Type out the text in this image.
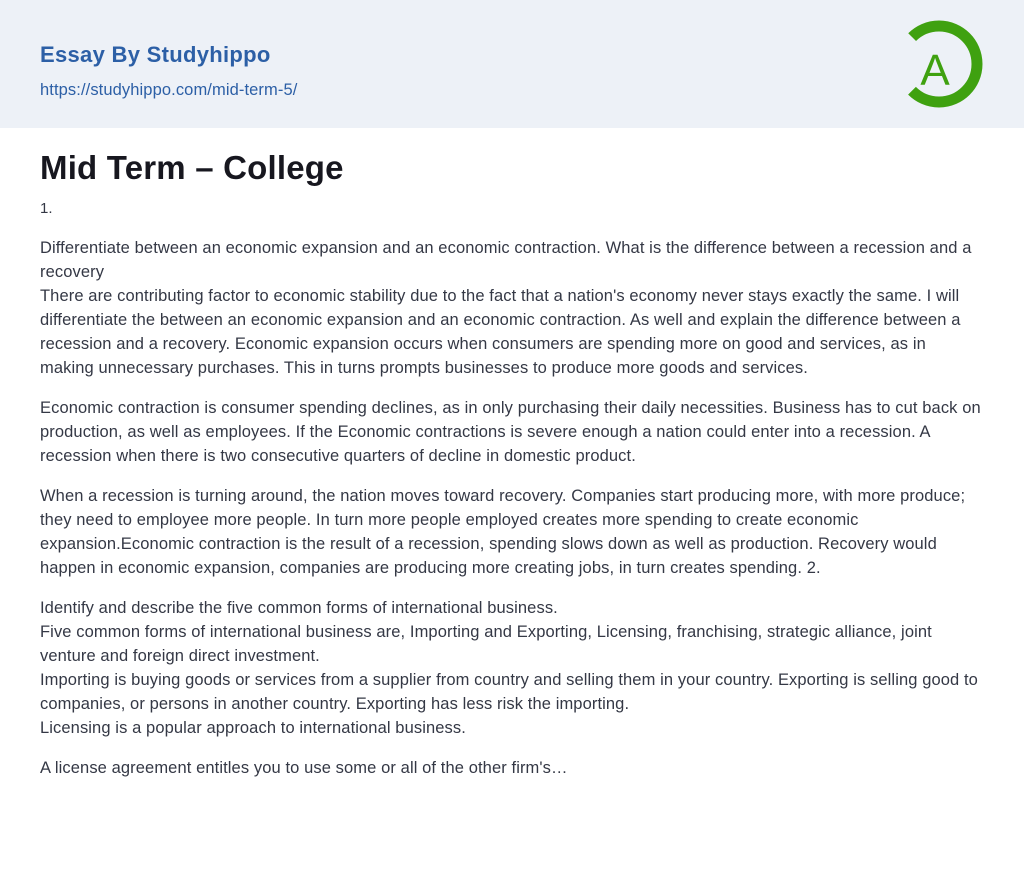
Essay By Studyhippo
https://studyhippo.com/mid-term-5/	A
Mid Term – College
1.

Differentiate between an economic expansion and an economic contraction. What is the difference between a recession and a recovery
There are contributing factor to economic stability due to the fact that a nation's economy never stays exactly the same. I will differentiate the between an economic expansion and an economic contraction. As well and explain the difference between a recession and a recovery. Economic expansion occurs when consumers are spending more on good and services, as in making unnecessary purchases. This in turns prompts businesses to produce more goods and services.

Economic contraction is consumer spending declines, as in only purchasing their daily necessities. Business has to cut back on production, as well as employees. If the Economic contractions is severe enough a nation could enter into a recession. A recession when there is two consecutive quarters of decline in domestic product.

When a recession is turning around, the nation moves toward recovery. Companies start producing more, with more produce; they need to employee more people. In turn more people employed creates more spending to create economic expansion.Economic contraction is the result of a recession, spending slows down as well as production. Recovery would happen in economic expansion, companies are producing more creating jobs, in turn creates spending. 2.

Identify and describe the five common forms of international business.
Five common forms of international business are, Importing and Exporting, Licensing, franchising, strategic alliance, joint venture and foreign direct investment.
Importing is buying goods or services from a supplier from country and selling them in your country. Exporting is selling good to companies, or persons in another country. Exporting has less risk the importing.
Licensing is a popular approach to international business.

A license agreement entitles you to use some or all of the other firm's…
